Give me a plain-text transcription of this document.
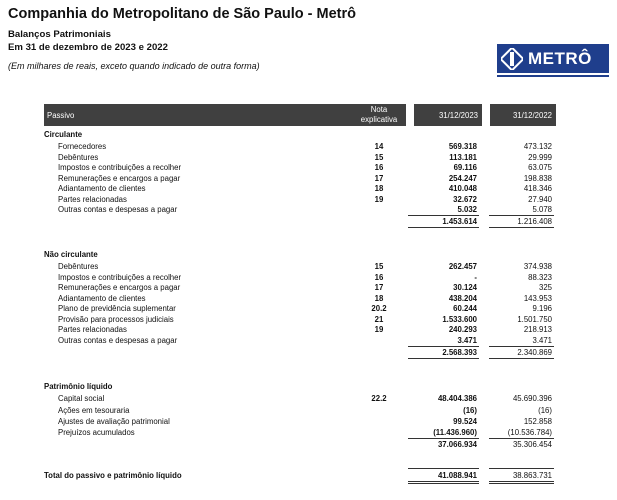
Companhia do Metropolitano de São Paulo - Metrô
Balanços Patrimoniais
Em 31 de dezembro de 2023 e 2022
(Em milhares de reais, exceto quando indicado de outra forma)	METRÔ
Passivo
Nota explicativa	31/12/2023	31/12/2022
Circulante
Fornecedores	14	569.318	473.132
Debêntures	15	113.181	29.999
Impostos e contribuições a recolher	16	69.116	63.075
Remunerações e encargos a pagar	17	254.247	198.838
Adiantamento de clientes	18	410.048	418.346
Partes relacionadas	19	32.672	27.940
Outras contas e despesas a pagar	5.032	5.078
1.453.614	1.216.408
Não circulante
Debêntures	15	262.457	374.938
Impostos e contribuições a recolher	16	-	88.323
Remunerações e encargos a pagar	17	30.124	325
Adiantamento de clientes	18	438.204	143.953
Plano de previdência suplementar	20.2	60.244	9.196
Provisão para processos judiciais	21	1.533.600	1.501.750
Partes relacionadas	19	240.293	218.913
Outras contas e despesas a pagar	3.471	3.471
2.568.393	2.340.869
Patrimônio líquido
Capital social	22.2	48.404.386	45.690.396
Ações em tesouraria	(16)	(16)
Ajustes de avaliação patrimonial	99.524	152.858
Prejuízos acumulados	(11.436.960)	(10.536.784)
37.066.934	35.306.454
Total do passivo e patrimônio líquido	41.088.941	38.863.731
